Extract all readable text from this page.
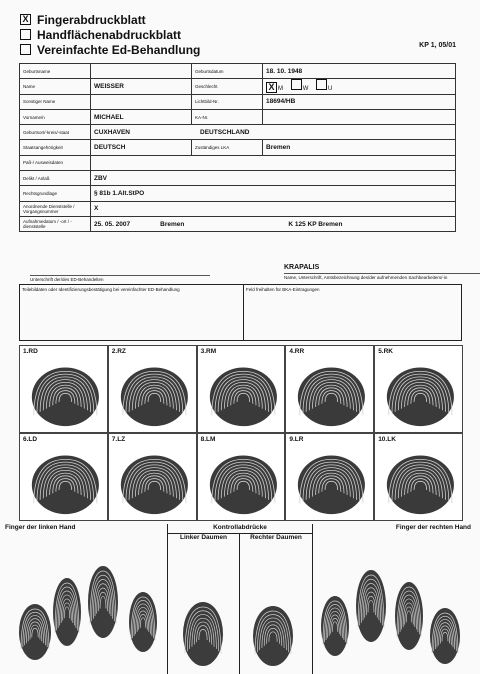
X Fingerabdruckblatt
Handflächenabdruckblatt
Vereinfachte Ed-Behandlung	KP 1, 05/01
Geburtsname		Geburtsdatum	18. 10. 1948
Name	WEISSER	Geschlecht	X M W U
Sonstiger Name		Lichtbild-Nr.	18694/HB
Vorname/n	MICHAEL	KA-Nr.	
Geburtsort/-kreis/-staat	CUXHAVEN DEUTSCHLAND		
Staatsangehörigkeit	DEUTSCH	Zuständiges LKA	Bremen
Paß-/ Ausweisdaten			
Delikt / Anlaß	ZBV		
Rechtsgrundlage	§ 81b 1.Alt.StPO		
Anordnende Dienststelle / Vorgangsnummer	X		
Aufnahmedatum / -ort / -dienststelle	25. 05. 2007 Bremen K 125 KP Bremen		
KRAPALIS
Unterschrift der/des ED-Behandelten	Name, Unterschrift, Amtsbezeichnung des/der aufnehmenden Sachbearbeiters/-in
Teilebildaten oder Identifizierungsbestätigung bei vereinfachter ED-Behandlung	Feld freihalten für BKA-Eintragungen
1.RD	2.RZ	3.RM	4.RR	5.RK
6.LD	7.LZ	8.LM	9.LR	10.LK
Finger der linken Hand	Finger der rechten Hand
Kontrollabdrücke
Linker Daumen	Rechter Daumen
